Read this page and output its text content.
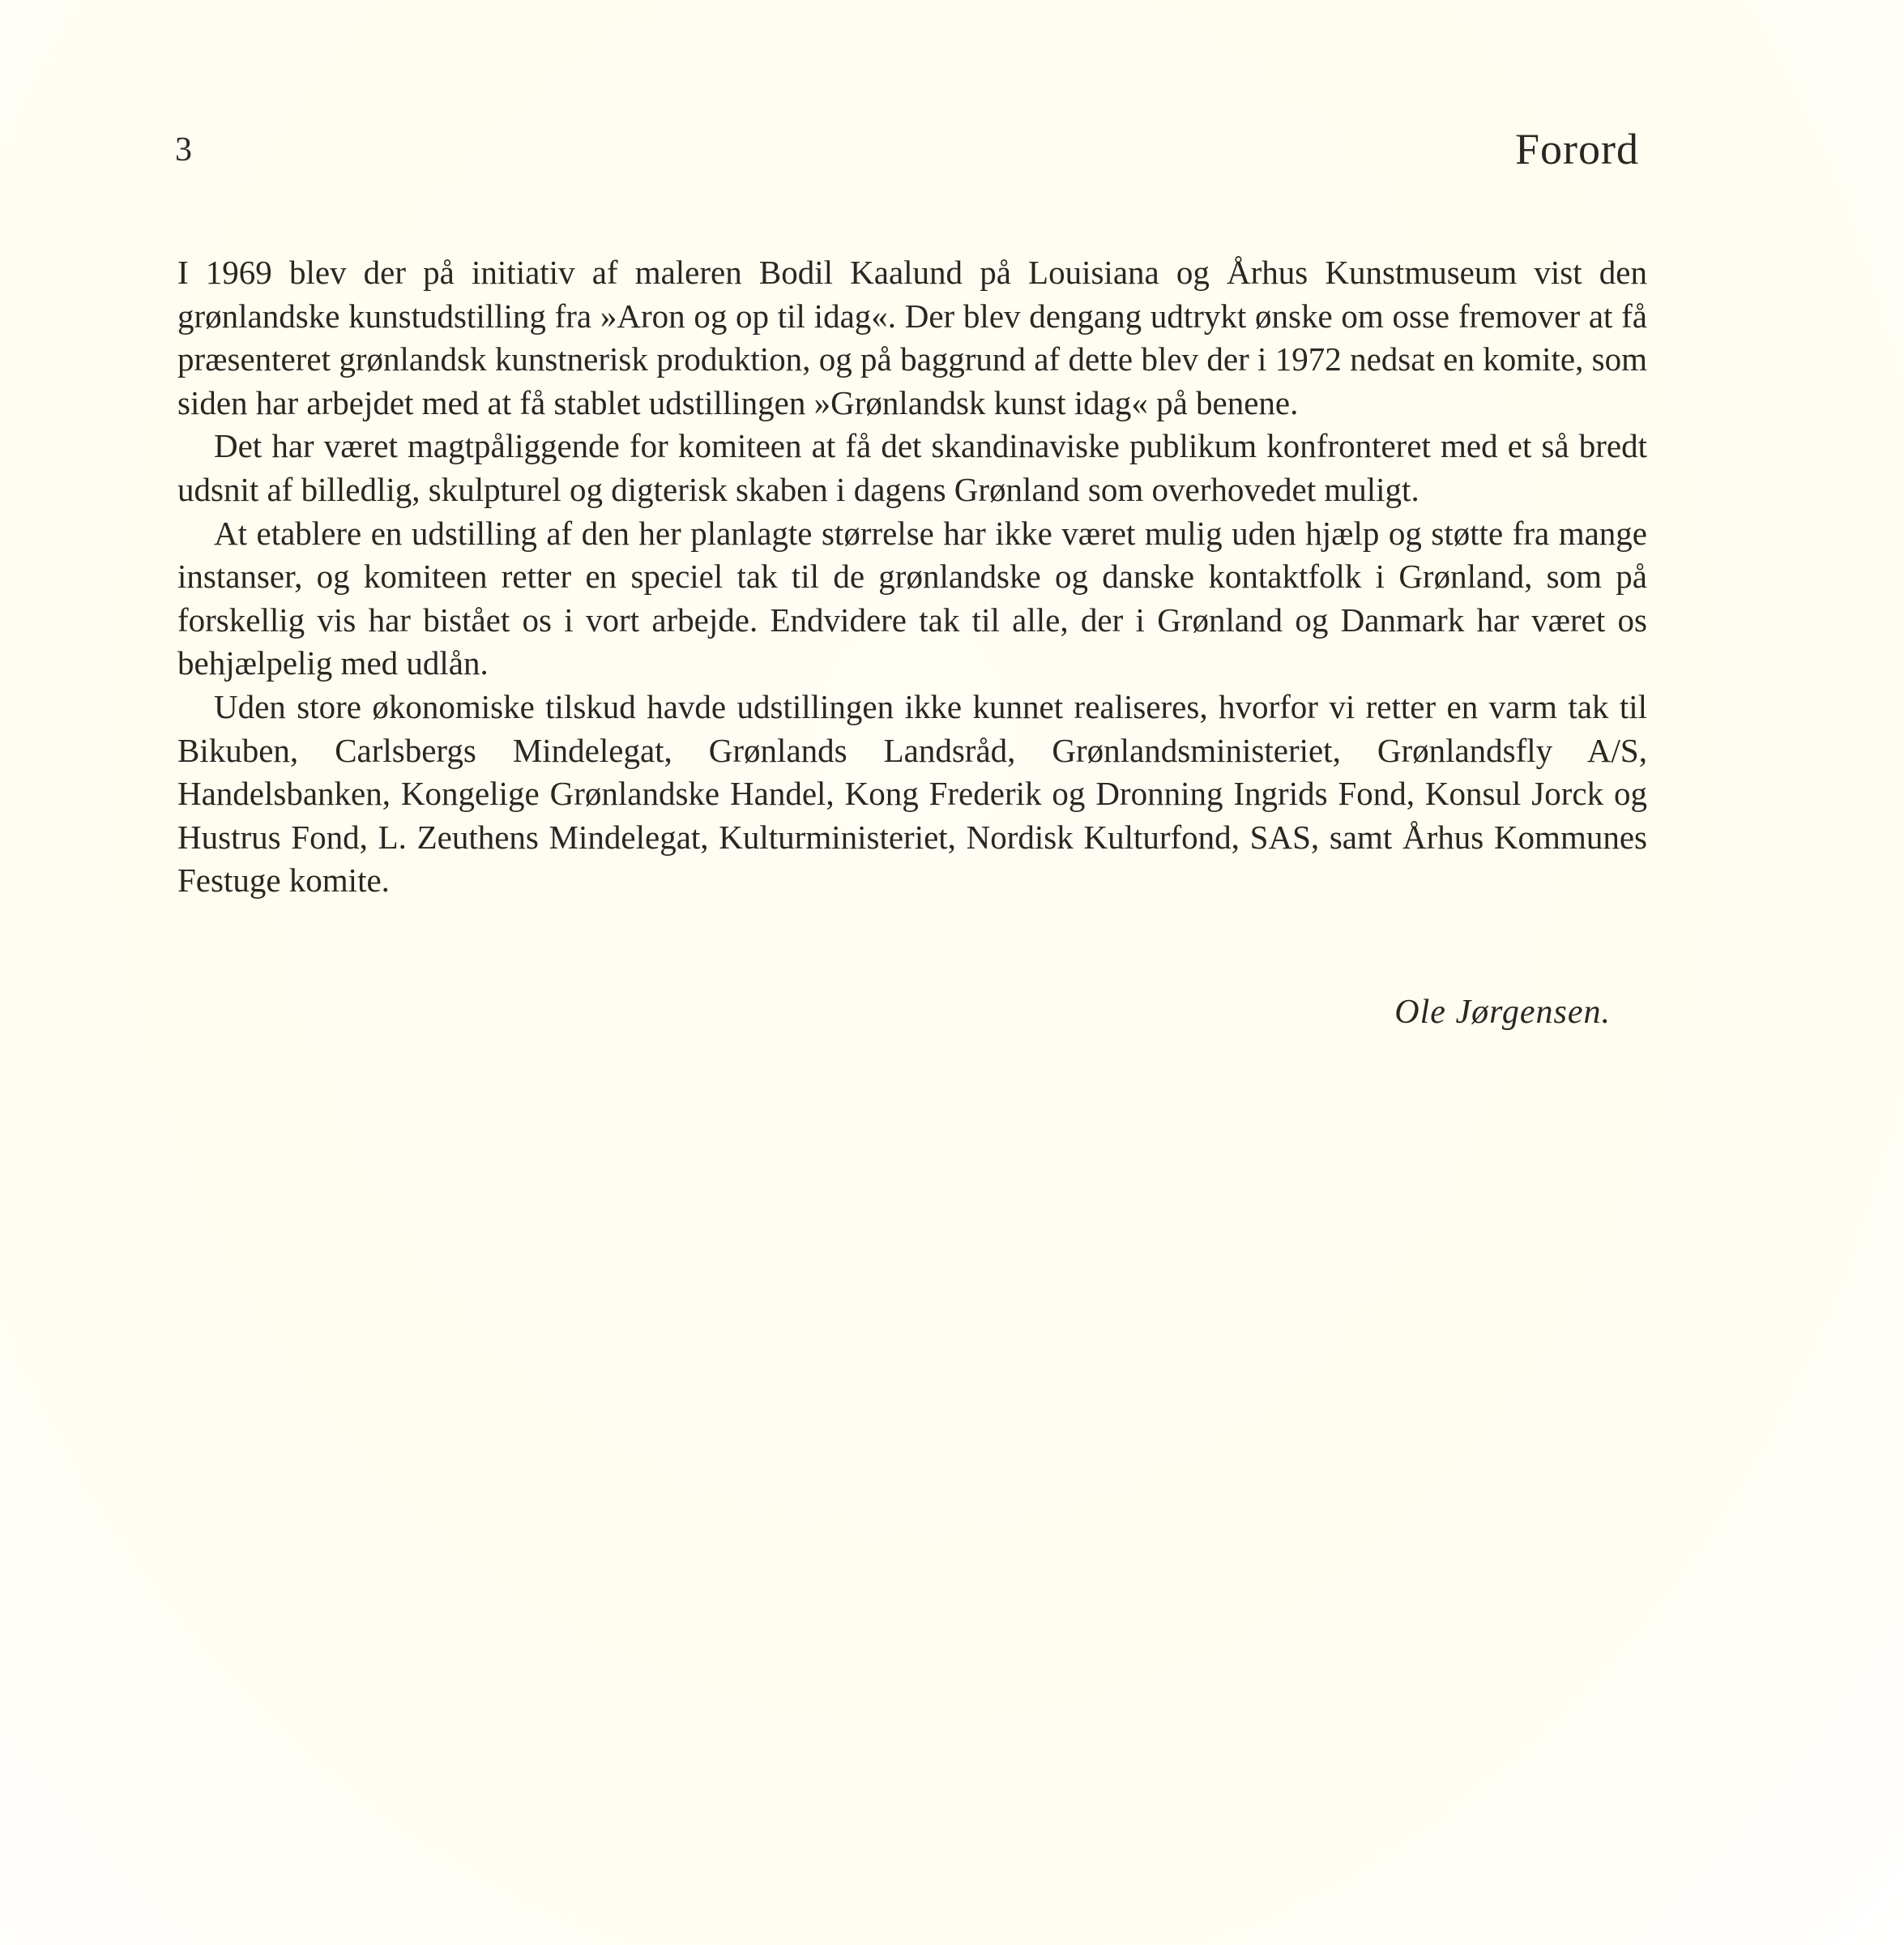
3	Forord

I 1969 blev der på initiativ af maleren Bodil Kaalund på Louisiana og Århus Kunstmuseum vist den grønlandske kunstudstilling fra »Aron og op til idag«. Der blev dengang udtrykt ønske om osse fremover at få præsenteret grønlandsk kunstnerisk produktion, og på baggrund af dette blev der i 1972 nedsat en komite, som siden har arbejdet med at få stablet udstillingen »Grønlandsk kunst idag« på benene.

Det har været magtpåliggende for komiteen at få det skandinaviske publikum konfronteret med et så bredt udsnit af billedlig, skulpturel og digterisk skaben i dagens Grønland som overhovedet muligt.

At etablere en udstilling af den her planlagte størrelse har ikke været mulig uden hjælp og støtte fra mange instanser, og komiteen retter en speciel tak til de grønlandske og danske kontaktfolk i Grønland, som på forskellig vis har bistået os i vort arbejde. Endvidere tak til alle, der i Grønland og Danmark har været os behjælpelig med udlån.

Uden store økonomiske tilskud havde udstillingen ikke kunnet realiseres, hvorfor vi retter en varm tak til Bikuben, Carlsbergs Mindelegat, Grønlands Landsråd, Grønlandsministeriet, Grønlandsfly A/S, Handelsbanken, Kongelige Grønlandske Handel, Kong Frederik og Dronning Ingrids Fond, Konsul Jorck og Hustrus Fond, L. Zeuthens Mindelegat, Kulturministeriet, Nordisk Kulturfond, SAS, samt Århus Kommunes Festuge komite.

Ole Jørgensen.
